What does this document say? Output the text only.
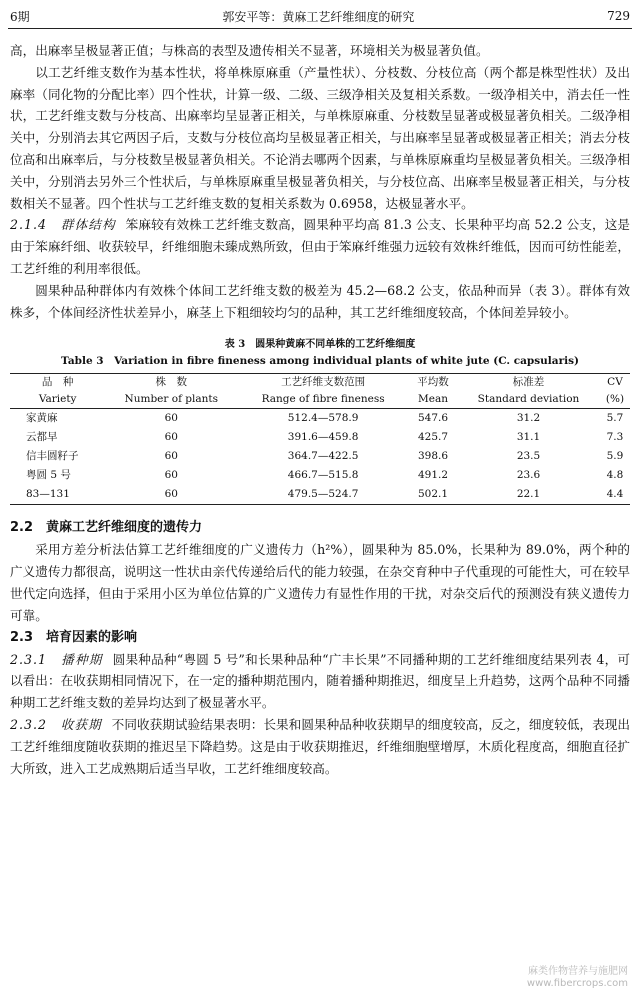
6期	郭安平等：黄麻工艺纤维细度的研究	729

高，出麻率呈极显著正值；与株高的表型及遗传相关不显著，环境相关为极显著负值。

以工艺纤维支数作为基本性状，将单株原麻重（产量性状）、分枝数、分枝位高（两个都是株型性状）及出麻率（同化物的分配比率）四个性状，计算一级、二级、三级净相关及复相关系数。一级净相关中，消去任一性状，工艺纤维支数与分枝高、出麻率均呈显著正相关，与单株原麻重、分枝数呈显著或极显著负相关。二级净相关中，分别消去其它两因子后，支数与分枝位高均呈极显著正相关，与出麻率呈显著或极显著正相关；消去分枝位高和出麻率后，与分枝数呈极显著负相关。不论消去哪两个因素，与单株原麻重均呈极显著负相关。三级净相关中，分别消去另外三个性状后，与单株原麻重呈极显著负相关，与分枝位高、出麻率呈极显著正相关，与分枝数相关不显著。四个性状与工艺纤维支数的复相关系数为 0.6958，达极显著水平。

2.1.4　群体结构 笨麻较有效株工艺纤维支数高，圆果种平均高 81.3 公支、长果种平均高 52.2 公支，这是由于笨麻纤细、收获较早，纤维细胞未臻成熟所致，但由于笨麻纤维强力远较有效株纤维低，因而可纺性能差，工艺纤维的利用率很低。

圆果种品种群体内有效株个体间工艺纤维支数的极差为 45.2—68.2 公支，依品种而异（表 3）。群体有效株多，个体间经济性状差异小，麻茎上下粗细较均匀的品种，其工艺纤维细度较高，个体间差异较小。

表 3　圆果种黄麻不同单株的工艺纤维细度
Table 3　Variation in fibre fineness among individual plants of white jute (C. capsularis)
品　种	株　数	工艺纤维支数范围	平均数	标准差	CV
Variety	Number of plants	Range of fibre fineness	Mean	Standard deviation	(%)
家黄麻	60	512.4—578.9	547.6	31.2	5.7
云都早	60	391.6—459.8	425.7	31.1	7.3
信丰圆籽子	60	364.7—422.5	398.6	23.5	5.9
粤圆 5 号	60	466.7—515.8	491.2	23.6	4.8
83—131	60	479.5—524.7	502.1	22.1	4.4
2.2　黄麻工艺纤维细度的遗传力

采用方差分析法估算工艺纤维细度的广义遗传力（h²%），圆果种为 85.0%，长果种为 89.0%，两个种的广义遗传力都很高，说明这一性状由亲代传递给后代的能力较强，在杂交育种中子代重现的可能性大，可在较早世代定向选择，但由于采用小区为单位估算的广义遗传力有显性作用的干扰，对杂交后代的预测没有狭义遗传力可靠。

2.3　培育因素的影响

2.3.1　播种期 圆果种品种“粤圆 5 号”和长果种品种“广丰长果”不同播种期的工艺纤维细度结果列表 4，可以看出：在收获期相同情况下，在一定的播种期范围内，随着播种期推迟，细度呈上升趋势，这两个品种不同播种期工艺纤维支数的差异均达到了极显著水平。

2.3.2　收获期 不同收获期试验结果表明：长果和圆果种品种收获期早的细度较高，反之，细度较低，表现出工艺纤维细度随收获期的推迟呈下降趋势。这是由于收获期推迟，纤维细胞壁增厚，木质化程度高，细胞直径扩大所致，进入工艺成熟期后适当早收，工艺纤维细度较高。

麻类作物营养与施肥网
www.fibercrops.com
